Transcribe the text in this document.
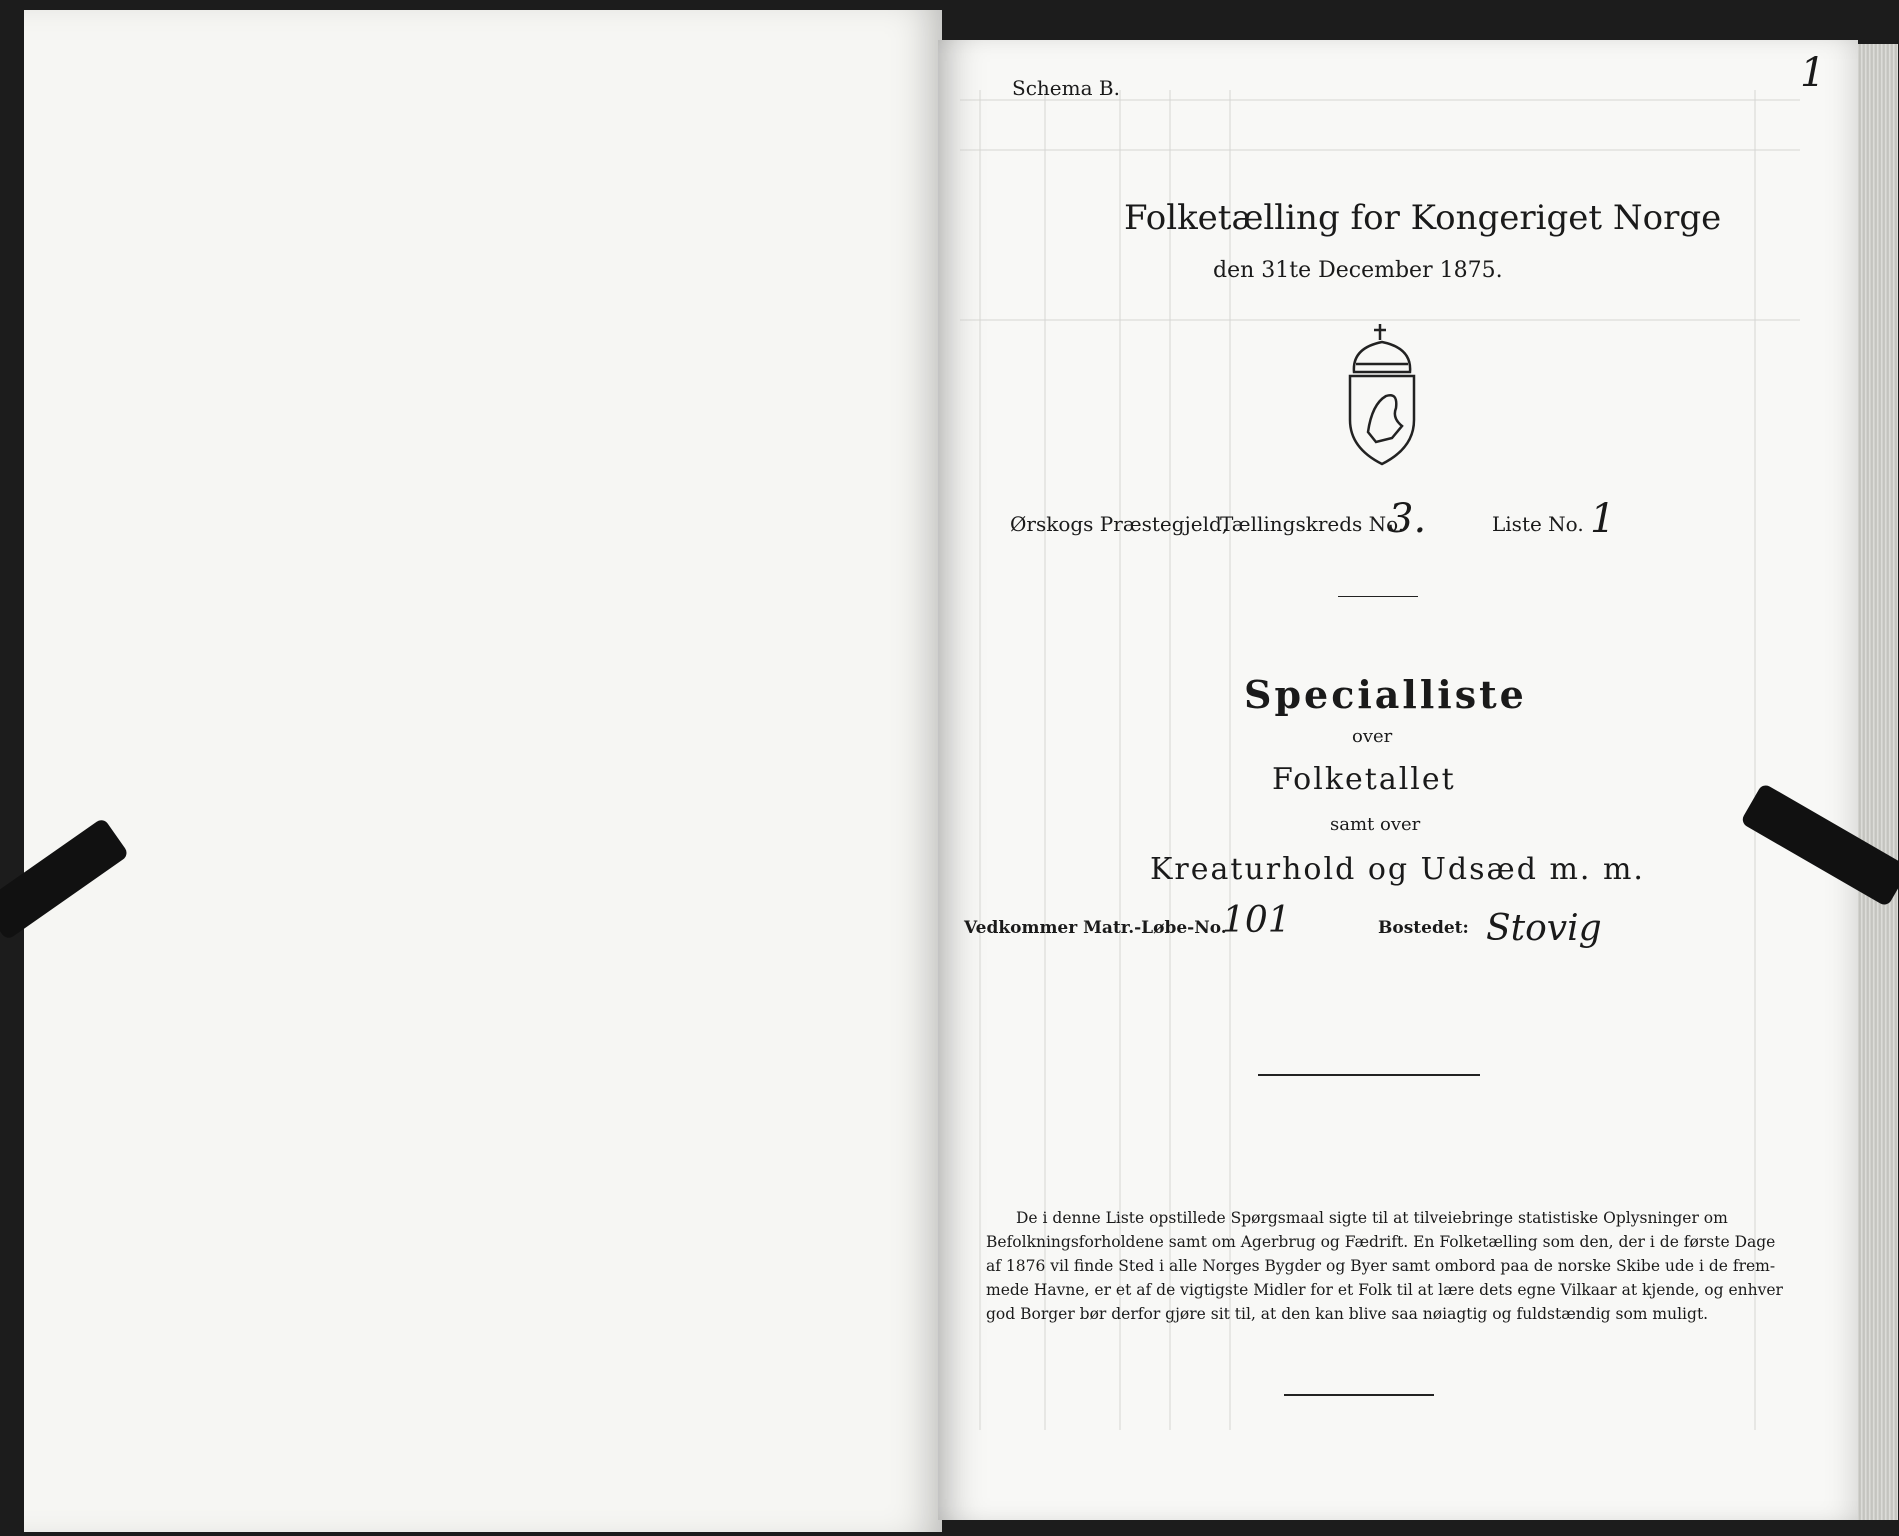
Schema B.	1
Folketælling for Kongeriget Norge
den 31te December 1875.
Ørskogs Præstegjeld,
Tællingskreds No.
3.	Liste No. 1
Specialliste
over
Folketallet
samt over
Kreaturhold og Udsæd m. m.
Vedkommer Matr.-Løbe-No.
101	Bostedet: Stovig
De i denne Liste opstillede Spørgsmaal sigte til at tilveiebringe statistiske Oplysninger om
Befolkningsforholdene samt om Agerbrug og Fædrift. En Folketælling som den, der i de første Dage
af 1876 vil finde Sted i alle Norges Bygder og Byer samt ombord paa de norske Skibe ude i de frem-
mede Havne, er et af de vigtigste Midler for et Folk til at lære dets egne Vilkaar at kjende, og enhver
god Borger bør derfor gjøre sit til, at den kan blive saa nøiagtig og fuldstændig som muligt.
